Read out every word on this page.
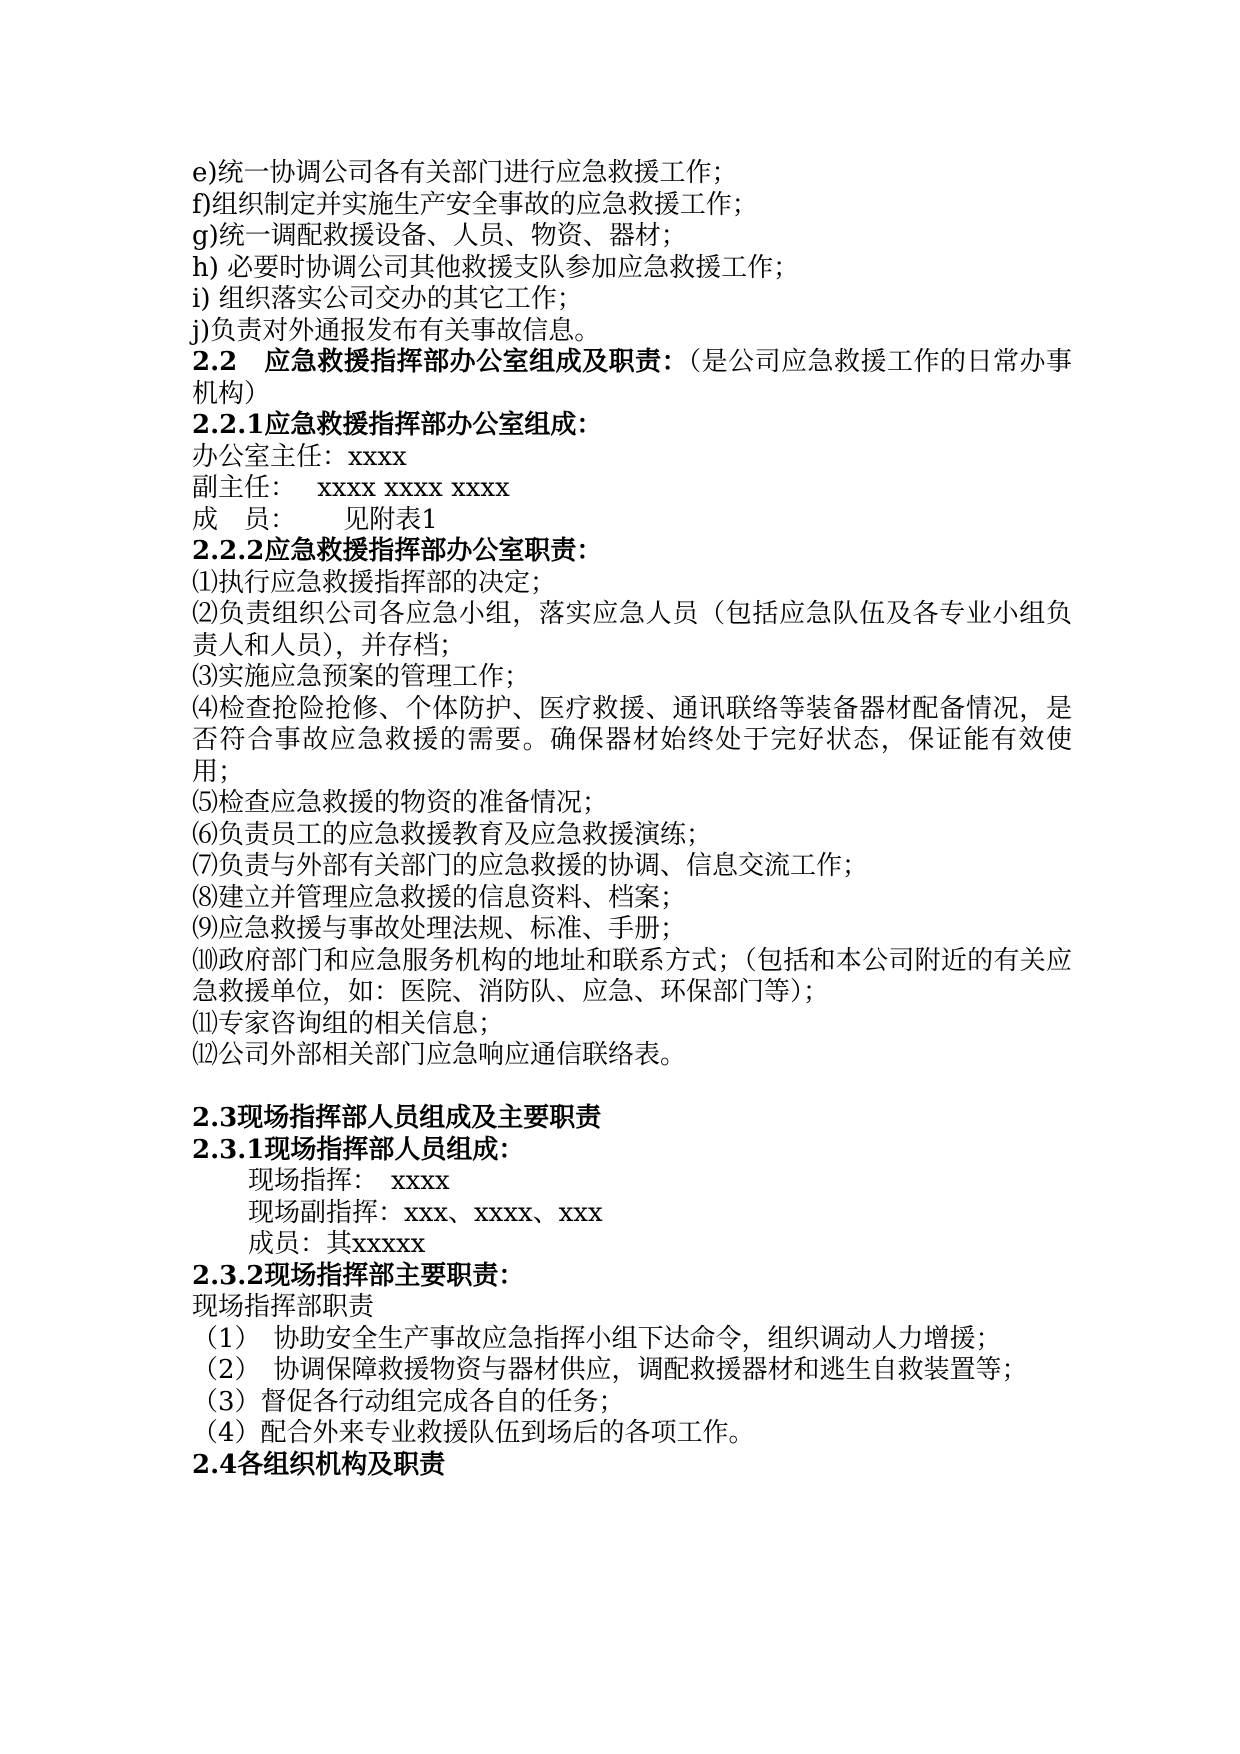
e)统一协调公司各有关部门进行应急救援工作；
f)组织制定并实施生产安全事故的应急救援工作；
g)统一调配救援设备、人员、物资、器材；
h) 必要时协调公司其他救援支队参加应急救援工作；
i) 组织落实公司交办的其它工作；
j)负责对外通报发布有关事故信息。
2.2　应急救援指挥部办公室组成及职责：（是公司应急救援工作的日常办事机构）
2.2.1应急救援指挥部办公室组成：
办公室主任：xxxx
副主任：　 xxxx xxxx xxxx
成　员：　　 见附表1
2.2.2应急救援指挥部办公室职责：
⑴执行应急救援指挥部的决定；
⑵负责组织公司各应急小组，落实应急人员（包括应急队伍及各专业小组负责人和人员），并存档；
⑶实施应急预案的管理工作；
⑷检查抢险抢修、个体防护、医疗救援、通讯联络等装备器材配备情况，是否符合事故应急救援的需要。确保器材始终处于完好状态，保证能有效使用；
⑸检查应急救援的物资的准备情况；
⑹负责员工的应急救援教育及应急救援演练；
⑺负责与外部有关部门的应急救援的协调、信息交流工作；
⑻建立并管理应急救援的信息资料、档案；
⑼应急救援与事故处理法规、标准、手册；
⑽政府部门和应急服务机构的地址和联系方式；（包括和本公司附近的有关应急救援单位，如：医院、消防队、应急、环保部门等）；
⑾专家咨询组的相关信息；
⑿公司外部相关部门应急响应通信联络表。
2.3现场指挥部人员组成及主要职责
2.3.1现场指挥部人员组成：
现场指挥：　xxxx
现场副指挥：xxx、xxxx、xxx
成员：其xxxxx
2.3.2现场指挥部主要职责：
现场指挥部职责
（1）　协助安全生产事故应急指挥小组下达命令，组织调动人力增援；
（2）　协调保障救援物资与器材供应，调配救援器材和逃生自救装置等；
（3）督促各行动组完成各自的任务；
（4）配合外来专业救援队伍到场后的各项工作。
2.4各组织机构及职责
